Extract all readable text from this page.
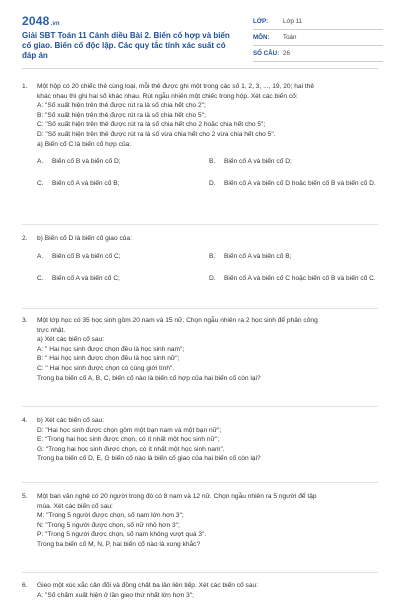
2048.vn
Giải SBT Toán 11 Cánh diều Bài 2. Biến cố hợp và biến cố giao. Biến cố độc lập. Các quy tắc tính xác suất có đáp án
LỚP:	Lớp 11
MÔN:	Toán
SỐ CÂU: 26
1.	Một hộp có 20 chiếc thẻ cùng loại, mỗi thẻ được ghi một trong các số 1, 2, 3, ..., 19, 20; hai thẻ
khác nhau thì ghi hai số khác nhau. Rút ngẫu nhiên một chiếc trong hộp. Xét các biến cố:
A: "Số xuất hiện trên thẻ được rút ra là số chia hết cho 2";
B: "Số xuất hiện trên thẻ được rút ra là số chia hết cho 5";
C: "Số xuất hiện trên thẻ được rút ra là số chia hết cho 2 hoặc chia hết cho 5";
D: "Số xuất hiện trên thẻ được rút ra là số vừa chia hết cho 2 vừa chia hết cho 5".
a) Biến cố C là biến cố hợp của:
A.	Biến cố B và biến cố D;	B.	Biến cố A và biến cố D;
C.	Biến cố A và biến cố B;	D.	Biến cố A và biến cố D hoặc biến cố B và biến cố D.
2.	b) Biến cố D là biến cố giao của:
A.	Biến cố B và biến cố C;	B.	Biến cố A và biến cố B;
C.	Biến cố A và biến cố C;	D.	Biến cố A và biến cố C hoặc biến cố B và biến cố C.
3.	Một lớp học có 35 học sinh gồm 20 nam và 15 nữ. Chọn ngẫu nhiên ra 2 học sinh để phân công
trực nhật.
a) Xét các biến cố sau:
A: " Hai học sinh được chọn đều là học sinh nam";
B: " Hai học sinh được chọn đều là học sinh nữ";
C: " Hai học sinh được chọn có cùng giới tính".
Trong ba biến cố A, B, C, biến cố nào là biến cố hợp của hai biến cố còn lại?
4.	b) Xét các biến cố sau:
D: "Hai học sinh được chọn gồm một bạn nam và một bạn nữ";
E: "Trong hai học sinh được chọn, có ít nhất một học sinh nữ";
G: "Trong hai học sinh được chọn, có ít nhất một học sinh nam".
Trong ba biến cố D, E, G biến cố nào là biến cố giao của hai biến cố còn lại?
5.	Một ban văn nghệ có 20 người trong đó có 8 nam và 12 nữ. Chọn ngẫu nhiên ra 5 người để tập
múa. Xét các biến cố sau:
M: "Trong 5 người được chọn, số nam lớn hơn 3";
N: "Trong 5 người được chọn, số nữ nhỏ hơn 3";
P: "Trong 5 người được chọn, số nam không vượt quá 3".
Trong ba biến cố M, N, P, hai biến cố nào là xung khắc?
6.	Gieo một xúc xắc cân đối và đồng chất ba lần liên tiếp. Xét các biến cố sau:
A: "Số chấm xuất hiện ở lần gieo thứ nhất lớn hơn 3";
